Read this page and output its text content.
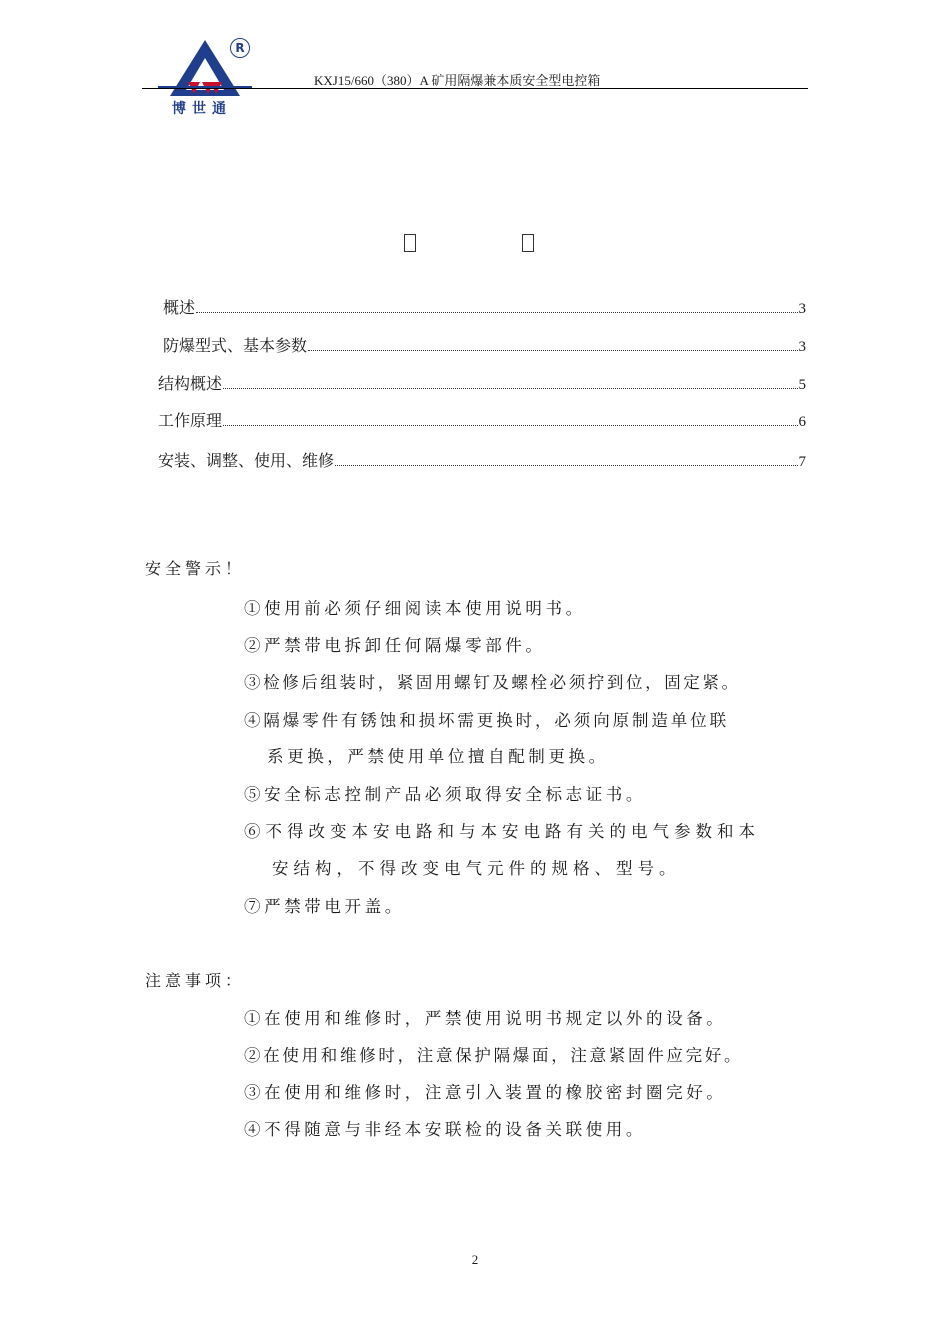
R
博世通
KXJ15/660（380）A 矿用隔爆兼本质安全型电控箱
概述	3
防爆型式、基本参数	3
结构概述	5
工作原理	6
安装、调整、使用、维修	7
安全警示！
①使用前必须仔细阅读本使用说明书。
②严禁带电拆卸任何隔爆零部件。
③检修后组装时，紧固用螺钉及螺栓必须拧到位，固定紧。
④隔爆零件有锈蚀和损坏需更换时，必须向原制造单位联
系更换，严禁使用单位擅自配制更换。
⑤安全标志控制产品必须取得安全标志证书。
⑥不得改变本安电路和与本安电路有关的电气参数和本
安结构，不得改变电气元件的规格、型号。
⑦严禁带电开盖。
注意事项：
①在使用和维修时，严禁使用说明书规定以外的设备。
②在使用和维修时，注意保护隔爆面，注意紧固件应完好。
③在使用和维修时，注意引入装置的橡胶密封圈完好。
④不得随意与非经本安联检的设备关联使用。
2
